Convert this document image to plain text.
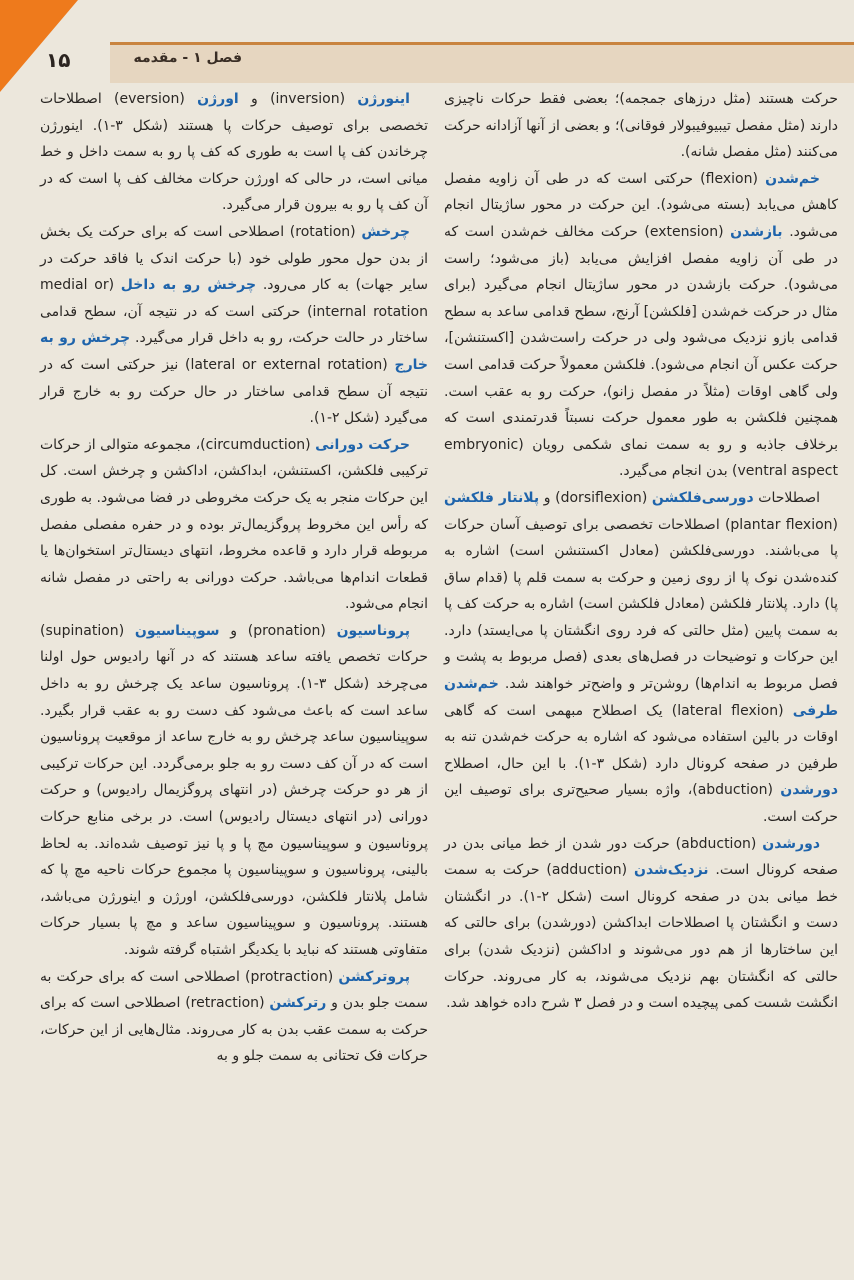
فصل ۱ - مقدمه
۱۵

حرکت هستند (مثل درزهای جمجمه)؛ بعضی فقط حرکات ناچیزی دارند (مثل مفصل تیبیوفیبولار فوقانی)؛ و بعضی از آنها آزادانه حرکت می‌کنند (مثل مفصل شانه).

خم‌شدن (flexion) حرکتی است که در طی آن زاویه مفصل کاهش می‌یابد (بسته می‌شود). این حرکت در محور ساژیتال انجام می‌شود. بازشدن (extension) حرکت مخالف خم‌شدن است که در طی آن زاویه مفصل افزایش می‌یابد (باز می‌شود؛ راست می‌شود). حرکت بازشدن در محور ساژیتال انجام می‌گیرد (برای مثال در حرکت خم‌شدن [فلکشن] آرنج، سطح قدامی ساعد به سطح قدامی بازو نزدیک می‌شود ولی در حرکت راست‌شدن [اکستنشن]، حرکت عکس آن انجام می‌شود). فلکشن معمولاً حرکت قدامی است ولی گاهی اوقات (مثلاً در مفصل زانو)، حرکت رو به عقب است. همچنین فلکشن به طور معمول حرکت نسبتاً قدرتمندی است که برخلاف جاذبه و رو به سمت نمای شکمی رویان (embryonic ventral aspect) بدن انجام می‌گیرد.

اصطلاحات دورسی‌فلکشن (dorsiflexion) و پلانتار فلکشن (plantar flexion) اصطلاحات تخصصی برای توصیف آسان حرکات پا می‌باشند. دورسی‌فلکشن (معادل اکستنشن است) اشاره به کنده‌شدن نوک پا از روی زمین و حرکت به سمت قلم پا (قدام ساق پا) دارد. پلانتار فلکشن (معادل فلکشن است) اشاره به حرکت کف پا به سمت پایین (مثل حالتی که فرد روی انگشتان پا می‌ایستد) دارد. این حرکات و توضیحات در فصل‌های بعدی (فصل مربوط به پشت و فصل مربوط به اندام‌ها) روشن‌تر و واضح‌تر خواهند شد. خم‌شدن طرفی (lateral flexion) یک اصطلاح مبهمی است که گاهی اوقات در بالین استفاده می‌شود که اشاره به حرکت خم‌شدن تنه به طرفین در صفحه کرونال دارد (شکل ۳-۱). با این حال، اصطلاح دورشدن (abduction)، واژه بسیار صحیح‌تری برای توصیف این حرکت است.

دورشدن (abduction) حرکت دور شدن از خط میانی بدن در صفحه کرونال است. نزدیک‌شدن (adduction) حرکت به سمت خط میانی بدن در صفحه کرونال است (شکل ۲-۱). در انگشتان دست و انگشتان پا اصطلاحات ابداکشن (دورشدن) برای حالتی که این ساختارها از هم دور می‌شوند و اداکشن (نزدیک شدن) برای حالتی که انگشتان بهم نزدیک می‌شوند، به کار می‌روند. حرکات انگشت شست کمی پیچیده است و در فصل ۳ شرح داده خواهد شد.

اینورژن (inversion) و اورژن (eversion) اصطلاحات تخصصی برای توصیف حرکات پا هستند (شکل ۳-۱). اینورژن چرخاندن کف پا است به طوری که کف پا رو به سمت داخل و خط میانی است، در حالی که اورژن حرکات مخالف کف پا است که در آن کف پا رو به بیرون قرار می‌گیرد.

چرخش (rotation) اصطلاحی است که برای حرکت یک بخش از بدن حول محور طولی خود (با حرکت اندک یا فاقد حرکت در سایر جهات) به کار می‌رود. چرخش رو به داخل (medial or internal rotation) حرکتی است که در نتیجه آن، سطح قدامی ساختار در حالت حرکت، رو به داخل قرار می‌گیرد. چرخش رو به خارج (lateral or external rotation) نیز حرکتی است که در نتیجه آن سطح قدامی ساختار در حال حرکت رو به خارج قرار می‌گیرد (شکل ۲-۱).

حرکت دورانی (circumduction)، مجموعه متوالی از حرکات ترکیبی فلکشن، اکستنشن، ابداکشن، اداکشن و چرخش است. کل این حرکات منجر به یک حرکت مخروطی در فضا می‌شود. به طوری که رأس این مخروط پروگزیمال‌تر بوده و در حفره مفصلی مفصل مربوطه قرار دارد و قاعده مخروط، انتهای دیستال‌تر استخوان‌ها یا قطعات اندام‌ها می‌باشد. حرکت دورانی به راحتی در مفصل شانه انجام می‌شود.

پروناسیون (pronation) و سوپیناسیون (supination) حرکات تخصص یافته ساعد هستند که در آنها رادیوس حول اولنا می‌چرخد (شکل ۳-۱). پروناسیون ساعد یک چرخش رو به داخل ساعد است که باعث می‌شود کف دست رو به عقب قرار بگیرد. سوپیناسیون ساعد چرخش رو به خارج ساعد از موقعیت پروناسیون است که در آن کف دست رو به جلو برمی‌گردد. این حرکات ترکیبی از هر دو حرکت چرخش (در انتهای پروگزیمال رادیوس) و حرکت دورانی (در انتهای دیستال رادیوس) است. در برخی منابع حرکات پروناسیون و سوپیناسیون مچ پا و پا نیز توصیف شده‌اند. به لحاظ بالینی، پروناسیون و سوپیناسیون پا مجموع حرکات ناحیه مچ پا که شامل پلانتار فلکشن، دورسی‌فلکشن، اورژن و اینورژن می‌باشد، هستند. پروناسیون و سوپیناسیون ساعد و مچ پا بسیار حرکات متفاوتی هستند که نباید با یکدیگر اشتباه گرفته شوند.

پروترکشن (protraction) اصطلاحی است که برای حرکت به سمت جلو بدن و رترکشن (retraction) اصطلاحی است که برای حرکت به سمت عقب بدن به کار می‌روند. مثال‌هایی از این حرکات، حرکات فک تحتانی به سمت جلو و به
